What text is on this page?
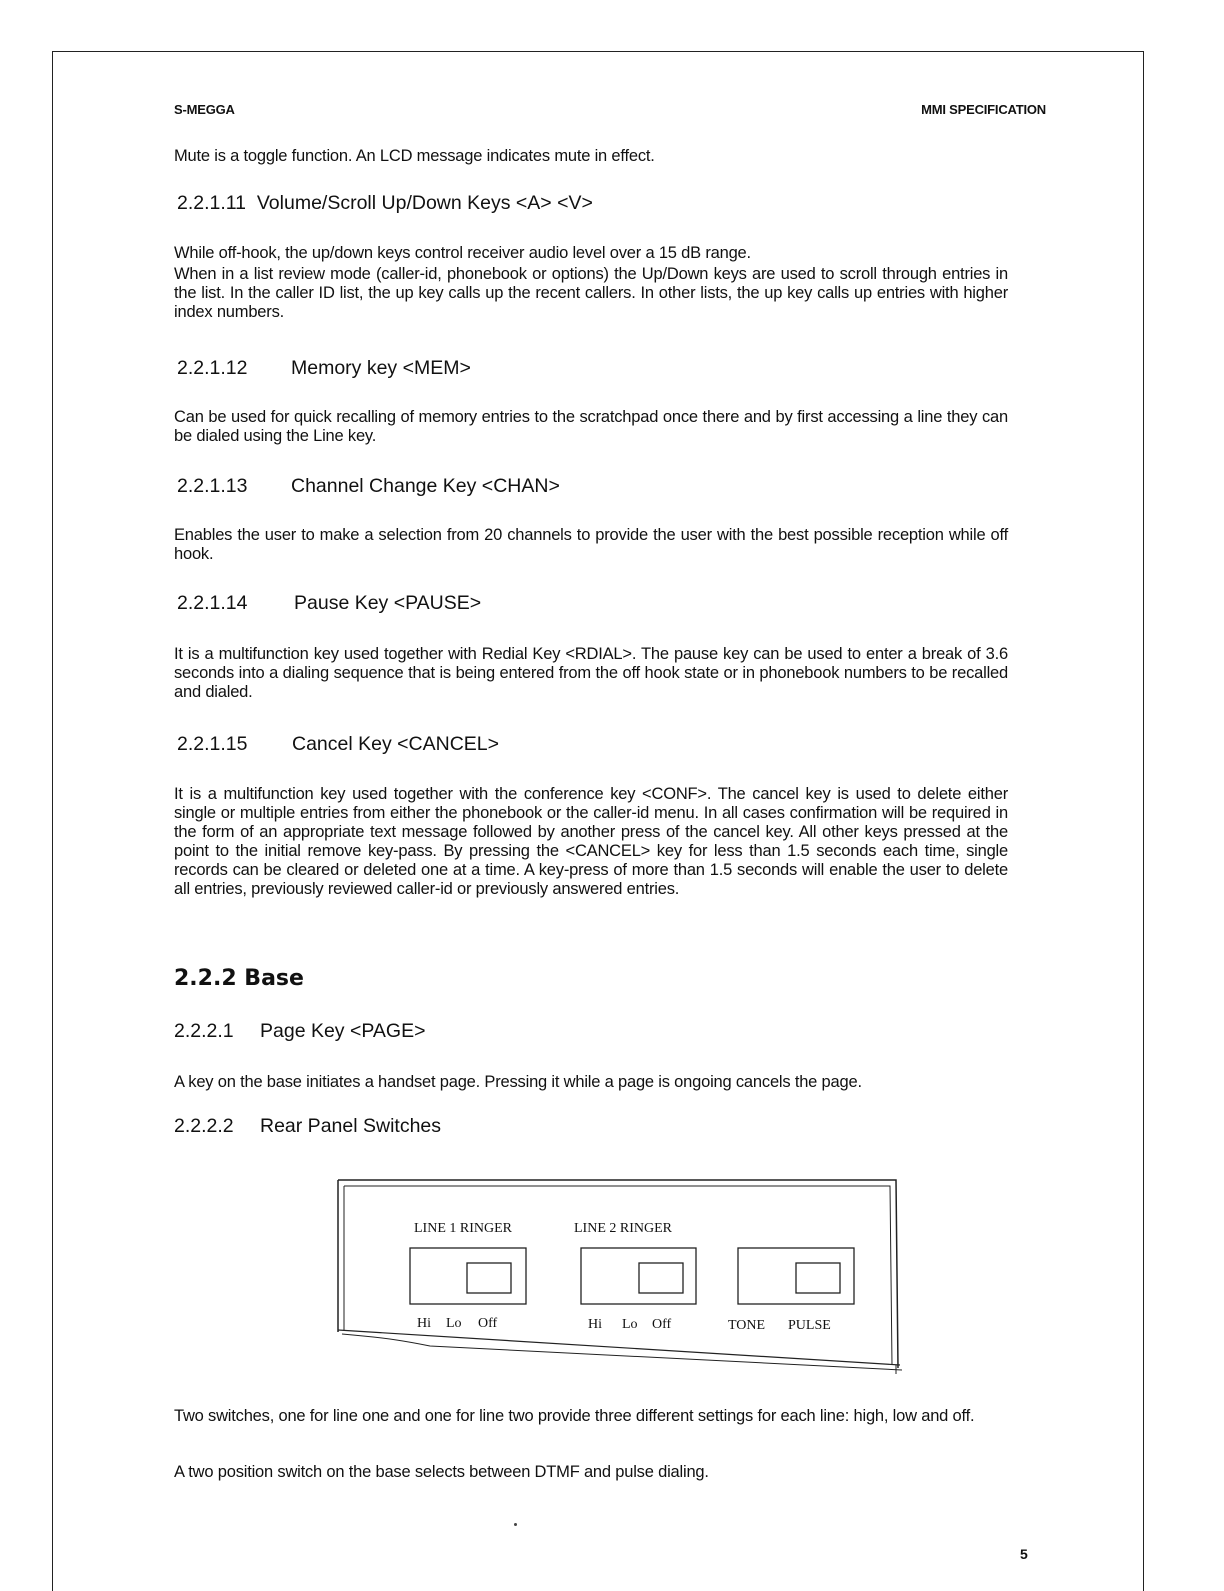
S-MEGGA	MMI SPECIFICATION
Mute is a toggle function. An LCD message indicates mute in effect.
2.2.1.11 Volume/Scroll Up/Down Keys <A> <V>
While off-hook, the up/down keys control receiver audio level over a 15 dB range.
When in a list review mode (caller-id, phonebook or options) the Up/Down keys are used to scroll through entries in the list. In the caller ID list, the up key calls up the recent callers. In other lists, the up key calls up entries with higher index numbers.
2.2.1.12 Memory key <MEM>
Can be used for quick recalling of memory entries to the scratchpad once there and by first accessing a line they can be dialed using the Line key.
2.2.1.13 Channel Change Key <CHAN>
Enables the user to make a selection from 20 channels to provide the user with the best possible reception while off hook.
2.2.1.14 Pause Key <PAUSE>
It is a multifunction key used together with Redial Key <RDIAL>. The pause key can be used to enter a break of 3.6 seconds into a dialing sequence that is being entered from the off hook state or in phonebook numbers to be recalled and dialed.
2.2.1.15 Cancel Key <CANCEL>
It is a multifunction key used together with the conference key <CONF>. The cancel key is used to delete either single or multiple entries from either the phonebook or the caller-id menu. In all cases confirmation will be required in the form of an appropriate text message followed by another press of the cancel key. All other keys pressed at the point to the initial remove key-pass. By pressing the <CANCEL> key for less than 1.5 seconds each time, single records can be cleared or deleted one at a time. A key-press of more than 1.5 seconds will enable the user to delete all entries, previously reviewed caller-id or previously answered entries.
2.2.2 Base
2.2.2.1 Page Key <PAGE>
A key on the base initiates a handset page. Pressing it while a page is ongoing cancels the page.
2.2.2.2 Rear Panel Switches
LINE 1 RINGER	LINE 2 RINGER
Hi Lo Off	Hi Lo Off	TONE PULSE
Two switches, one for line one and one for line two provide three different settings for each line: high, low and off.
A two position switch on the base selects between DTMF and pulse dialing.
5
